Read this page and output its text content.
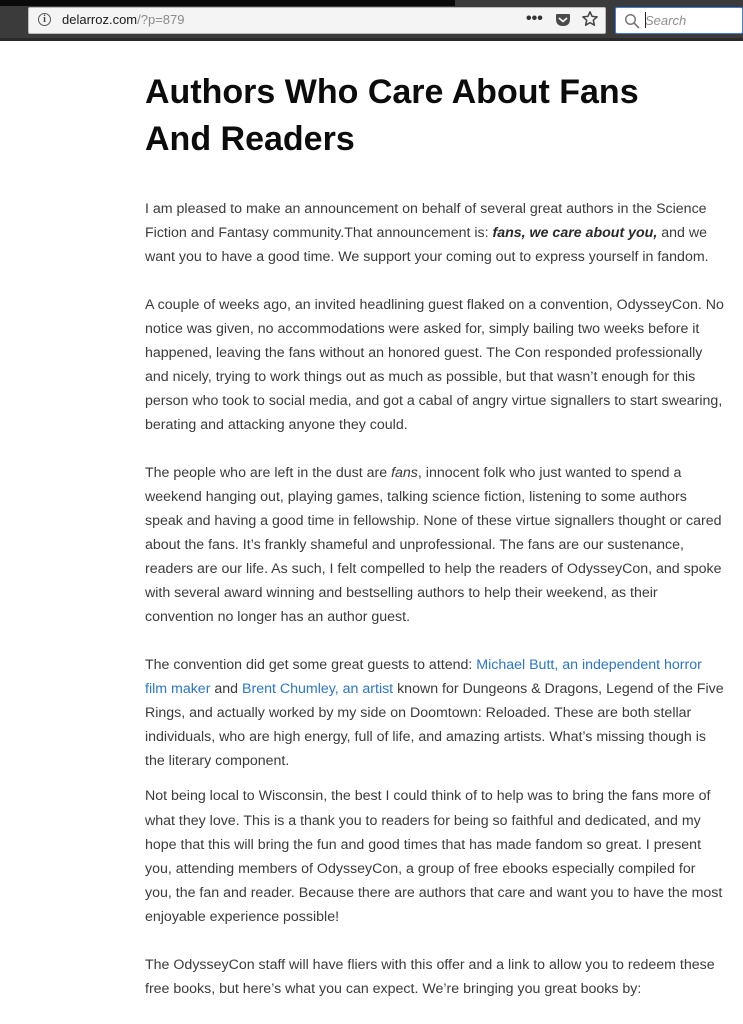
i	delarroz.com/?p=879	•••
Search
Authors Who Care About Fans And Readers

I am pleased to make an announcement on behalf of several great authors in the Science Fiction and Fantasy community.That announcement is: fans, we care about you, and we want you to have a good time. We support your coming out to express yourself in fandom.

A couple of weeks ago, an invited headlining guest flaked on a convention, OdysseyCon. No notice was given, no accommodations were asked for, simply bailing two weeks before it happened, leaving the fans without an honored guest. The Con responded professionally and nicely, trying to work things out as much as possible, but that wasn’t enough for this person who took to social media, and got a cabal of angry virtue signallers to start swearing, berating and attacking anyone they could.

The people who are left in the dust are fans, innocent folk who just wanted to spend a weekend hanging out, playing games, talking science fiction, listening to some authors speak and having a good time in fellowship. None of these virtue signallers thought or cared about the fans. It’s frankly shameful and unprofessional. The fans are our sustenance, readers are our life. As such, I felt compelled to help the readers of OdysseyCon, and spoke with several award winning and bestselling authors to help their weekend, as their convention no longer has an author guest.

The convention did get some great guests to attend: Michael Butt, an independent horror film maker and Brent Chumley, an artist known for Dungeons & Dragons, Legend of the Five Rings, and actually worked by my side on Doomtown: Reloaded. These are both stellar individuals, who are high energy, full of life, and amazing artists. What’s missing though is the literary component.

Not being local to Wisconsin, the best I could think of to help was to bring the fans more of what they love. This is a thank you to readers for being so faithful and dedicated, and my hope that this will bring the fun and good times that has made fandom so great. I present you, attending members of OdysseyCon, a group of free ebooks especially compiled for you, the fan and reader. Because there are authors that care and want you to have the most enjoyable experience possible!

The OdysseyCon staff will have fliers with this offer and a link to allow you to redeem these free books, but here’s what you can expect. We’re bringing you great books by:
